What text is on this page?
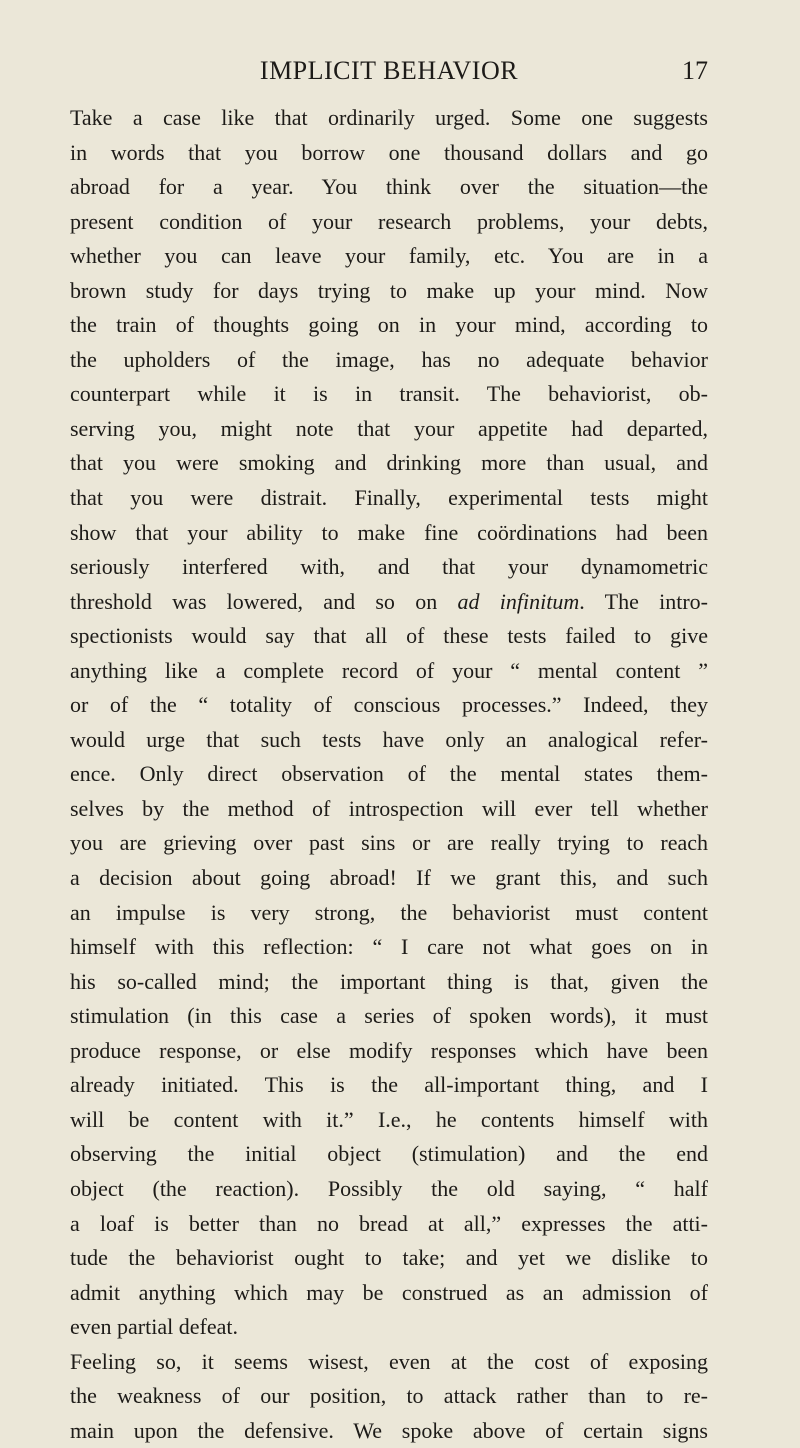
IMPLICIT BEHAVIOR	17
Take a case like that ordinarily urged. Some one suggests
in words that you borrow one thousand dollars and go
abroad for a year. You think over the situation—the
present condition of your research problems, your debts,
whether you can leave your family, etc. You are in a
brown study for days trying to make up your mind. Now
the train of thoughts going on in your mind, according to
the upholders of the image, has no adequate behavior
counterpart while it is in transit. The behaviorist, ob-
serving you, might note that your appetite had departed,
that you were smoking and drinking more than usual, and
that you were distrait. Finally, experimental tests might
show that your ability to make fine coördinations had been
seriously interfered with, and that your dynamometric
threshold was lowered, and so on ad infinitum. The intro-
spectionists would say that all of these tests failed to give
anything like a complete record of your “ mental content ”
or of the “ totality of conscious processes.” Indeed, they
would urge that such tests have only an analogical refer-
ence. Only direct observation of the mental states them-
selves by the method of introspection will ever tell whether
you are grieving over past sins or are really trying to reach
a decision about going abroad! If we grant this, and such
an impulse is very strong, the behaviorist must content
himself with this reflection: “ I care not what goes on in
his so-called mind; the important thing is that, given the
stimulation (in this case a series of spoken words), it must
produce response, or else modify responses which have been
already initiated. This is the all-important thing, and I
will be content with it.” I.e., he contents himself with
observing the initial object (stimulation) and the end
object (the reaction). Possibly the old saying, “ half
a loaf is better than no bread at all,” expresses the atti-
tude the behaviorist ought to take; and yet we dislike to
admit anything which may be construed as an admission of
even partial defeat.
Feeling so, it seems wisest, even at the cost of exposing
the weakness of our position, to attack rather than to re-
main upon the defensive. We spoke above of certain signs
